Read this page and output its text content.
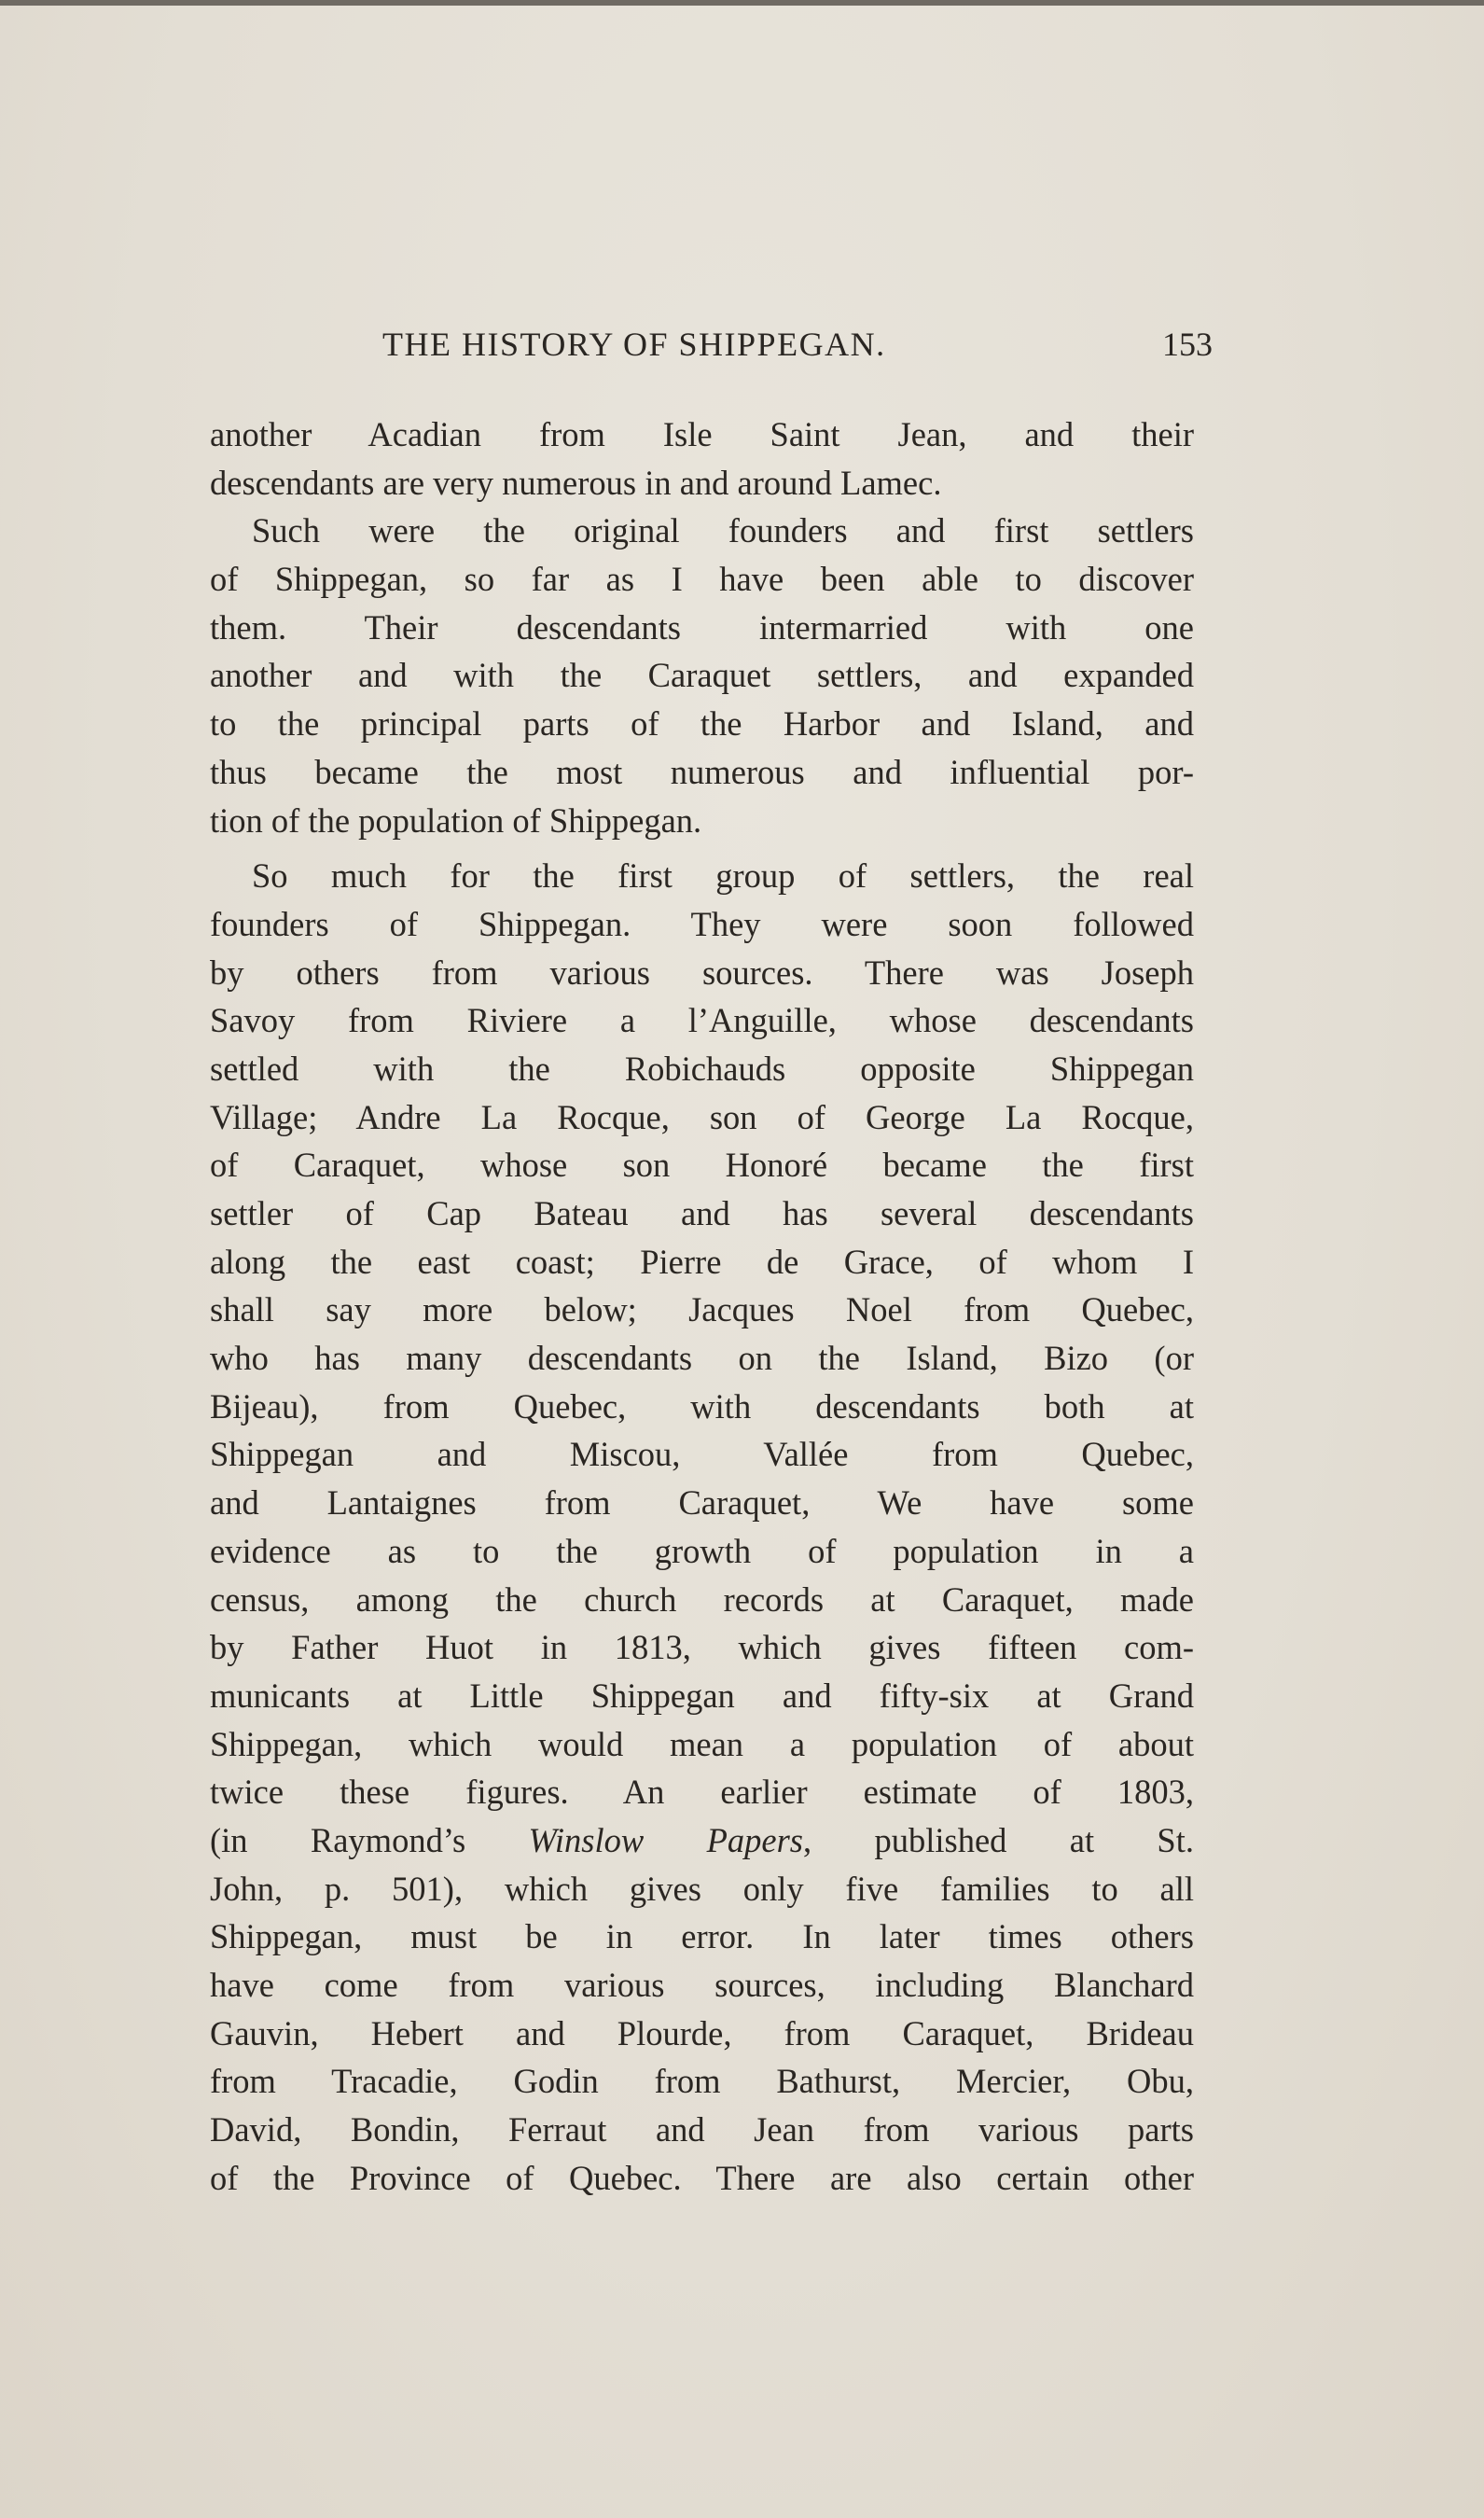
THE HISTORY OF SHIPPEGAN.	153
another Acadian from Isle Saint Jean, and their
descendants are very numerous in and around Lamec.
Such were the original founders and first settlers
of Shippegan, so far as I have been able to discover
them. Their descendants intermarried with one
another and with the Caraquet settlers, and expanded
to the principal parts of the Harbor and Island, and
thus became the most numerous and influential por-
tion of the population of Shippegan.
So much for the first group of settlers, the real
founders of Shippegan. They were soon followed
by others from various sources. There was Joseph
Savoy from Riviere a l’Anguille, whose descendants
settled with the Robichauds opposite Shippegan
Village; Andre La Rocque, son of George La Rocque,
of Caraquet, whose son Honoré became the first
settler of Cap Bateau and has several descendants
along the east coast; Pierre de Grace, of whom I
shall say more below; Jacques Noel from Quebec,
who has many descendants on the Island, Bizo (or
Bijeau), from Quebec, with descendants both at
Shippegan and Miscou, Vallée from Quebec,
and Lantaignes from Caraquet, We have some
evidence as to the growth of population in a
census, among the church records at Caraquet, made
by Father Huot in 1813, which gives fifteen com-
municants at Little Shippegan and fifty-six at Grand
Shippegan, which would mean a population of about
twice these figures. An earlier estimate of 1803,
(in Raymond’s Winslow Papers, published at St.
John, p. 501), which gives only five families to all
Shippegan, must be in error. In later times others
have come from various sources, including Blanchard
Gauvin, Hebert and Plourde, from Caraquet, Brideau
from Tracadie, Godin from Bathurst, Mercier, Obu,
David, Bondin, Ferraut and Jean from various parts
of the Province of Quebec. There are also certain other
